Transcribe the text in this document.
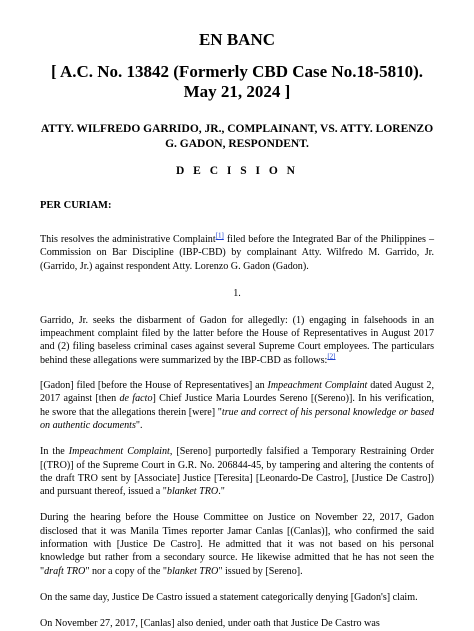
EN BANC
[ A.C. No. 13842 (Formerly CBD Case No.18-5810). May 21, 2024 ]
ATTY. WILFREDO GARRIDO, JR., COMPLAINANT, VS. ATTY. LORENZO G. GADON, RESPONDENT.
D E C I S I O N
PER CURIAM:

This resolves the administrative Complaint[1] filed before the Integrated Bar of the Philippines – Commission on Bar Discipline (IBP-CBD) by complainant Atty. Wilfredo M. Garrido, Jr. (Garrido, Jr.) against respondent Atty. Lorenzo G. Gadon (Gadon).

1.

Garrido, Jr. seeks the disbarment of Gadon for allegedly: (1) engaging in falsehoods in an impeachment complaint filed by the latter before the House of Representatives in August 2017 and (2) filing baseless criminal cases against several Supreme Court employees. The particulars behind these allegations were summarized by the IBP-CBD as follows:[2]

[Gadon] filed [before the House of Representatives] an Impeachment Complaint dated August 2, 2017 against [then de facto] Chief Justice Maria Lourdes Sereno [(Sereno)]. In his verification, he swore that the allegations therein [were] "true and correct of his personal knowledge or based on authentic documents".

In the Impeachment Complaint, [Sereno] purportedly falsified a Temporary Restraining Order [(TRO)] of the Supreme Court in G.R. No. 206844-45, by tampering and altering the contents of the draft TRO sent by [Associate] Justice [Teresita] [Leonardo-De Castro], [Justice De Castro]) and pursuant thereof, issued a "blanket TRO."

During the hearing before the House Committee on Justice on November 22, 2017, Gadon disclosed that it was Manila Times reporter Jamar Canlas [(Canlas)], who confirmed the said information with [Justice De Castro]. He admitted that it was not based on his personal knowledge but rather from a secondary source. He likewise admitted that he has not seen the "draft TRO" nor a copy of the "blanket TRO" issued by [Sereno].

On the same day, Justice De Castro issued a statement categorically denying [Gadon's] claim.

On November 27, 2017, [Canlas] also denied, under oath that Justice De Castro was
